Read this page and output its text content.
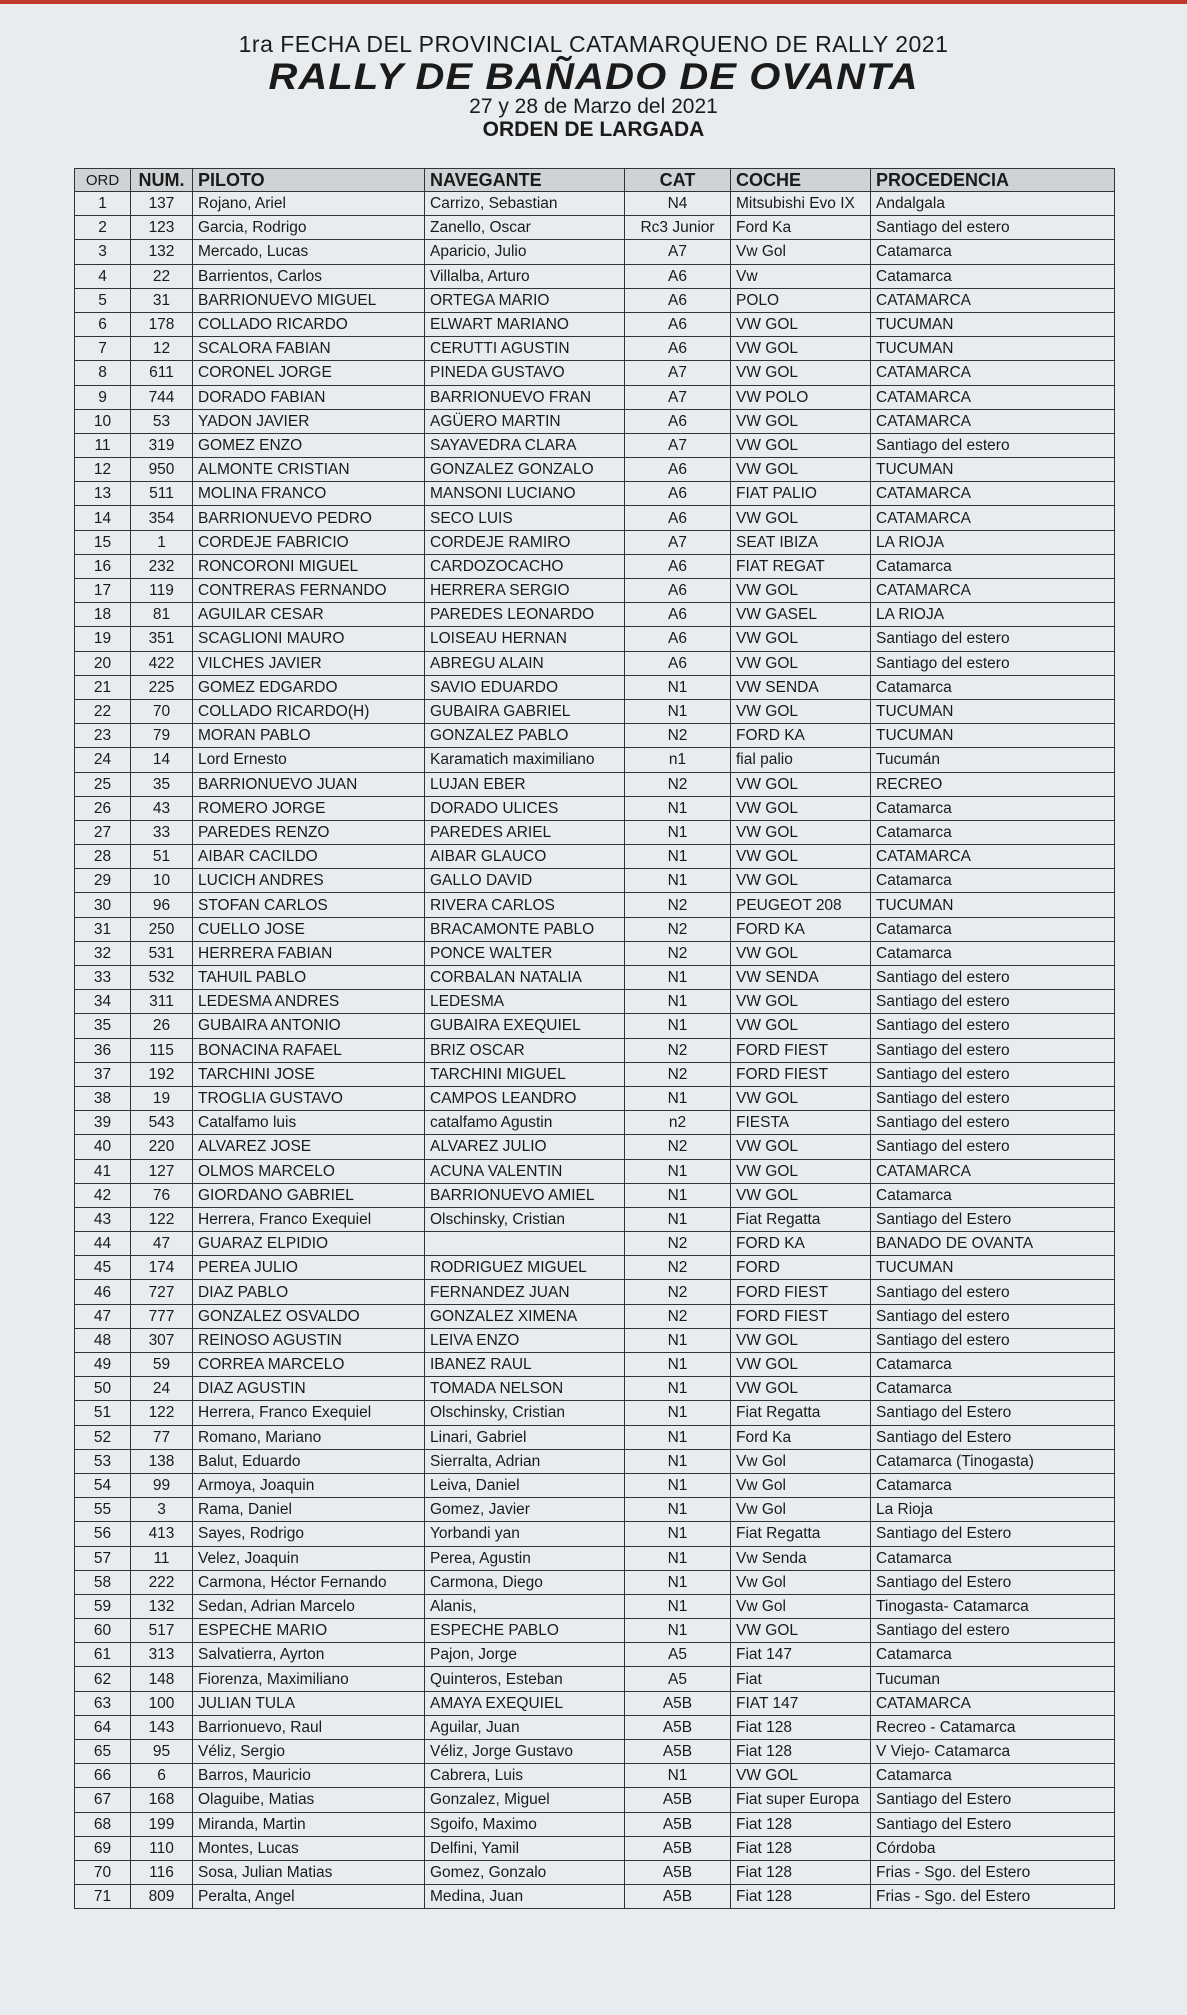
1ra FECHA DEL PROVINCIAL CATAMARQUENO DE RALLY 2021
RALLY DE BAÑADO DE OVANTA
27 y 28 de Marzo del 2021
ORDEN DE LARGADA
ORD	NUM.	PILOTO	NAVEGANTE	CAT	COCHE	PROCEDENCIA
1	137	Rojano, Ariel	Carrizo, Sebastian	N4	Mitsubishi Evo IX	Andalgala
2	123	Garcia, Rodrigo	Zanello, Oscar	Rc3 Junior	Ford Ka	Santiago del estero
3	132	Mercado, Lucas	Aparicio, Julio	A7	Vw Gol	Catamarca
4	22	Barrientos, Carlos	Villalba, Arturo	A6	Vw	Catamarca
5	31	BARRIONUEVO MIGUEL	ORTEGA MARIO	A6	POLO	CATAMARCA
6	178	COLLADO RICARDO	ELWART MARIANO	A6	VW GOL	TUCUMAN
7	12	SCALORA FABIAN	CERUTTI AGUSTIN	A6	VW GOL	TUCUMAN
8	611	CORONEL JORGE	PINEDA GUSTAVO	A7	VW GOL	CATAMARCA
9	744	DORADO FABIAN	BARRIONUEVO FRAN	A7	VW POLO	CATAMARCA
10	53	YADON JAVIER	AGÜERO MARTIN	A6	VW GOL	CATAMARCA
11	319	GOMEZ ENZO	SAYAVEDRA CLARA	A7	VW GOL	Santiago del estero
12	950	ALMONTE CRISTIAN	GONZALEZ GONZALO	A6	VW GOL	TUCUMAN
13	511	MOLINA FRANCO	MANSONI LUCIANO	A6	FIAT PALIO	CATAMARCA
14	354	BARRIONUEVO PEDRO	SECO LUIS	A6	VW GOL	CATAMARCA
15	1	CORDEJE FABRICIO	CORDEJE RAMIRO	A7	SEAT IBIZA	LA RIOJA
16	232	RONCORONI MIGUEL	CARDOZOCACHO	A6	FIAT REGAT	Catamarca
17	119	CONTRERAS FERNANDO	HERRERA SERGIO	A6	VW GOL	CATAMARCA
18	81	AGUILAR CESAR	PAREDES LEONARDO	A6	VW GASEL	LA RIOJA
19	351	SCAGLIONI MAURO	LOISEAU HERNAN	A6	VW GOL	Santiago del estero
20	422	VILCHES JAVIER	ABREGU ALAIN	A6	VW GOL	Santiago del estero
21	225	GOMEZ EDGARDO	SAVIO EDUARDO	N1	VW SENDA	Catamarca
22	70	COLLADO RICARDO(H)	GUBAIRA GABRIEL	N1	VW GOL	TUCUMAN
23	79	MORAN PABLO	GONZALEZ PABLO	N2	FORD KA	TUCUMAN
24	14	Lord Ernesto	Karamatich maximiliano	n1	fial palio	Tucumán
25	35	BARRIONUEVO JUAN	LUJAN EBER	N2	VW GOL	RECREO
26	43	ROMERO JORGE	DORADO ULICES	N1	VW GOL	Catamarca
27	33	PAREDES RENZO	PAREDES ARIEL	N1	VW GOL	Catamarca
28	51	AIBAR CACILDO	AIBAR GLAUCO	N1	VW GOL	CATAMARCA
29	10	LUCICH ANDRES	GALLO DAVID	N1	VW GOL	Catamarca
30	96	STOFAN CARLOS	RIVERA CARLOS	N2	PEUGEOT 208	TUCUMAN
31	250	CUELLO JOSE	BRACAMONTE PABLO	N2	FORD KA	Catamarca
32	531	HERRERA FABIAN	PONCE WALTER	N2	VW GOL	Catamarca
33	532	TAHUIL PABLO	CORBALAN NATALIA	N1	VW SENDA	Santiago del estero
34	311	LEDESMA ANDRES	LEDESMA	N1	VW GOL	Santiago del estero
35	26	GUBAIRA ANTONIO	GUBAIRA EXEQUIEL	N1	VW GOL	Santiago del estero
36	115	BONACINA RAFAEL	BRIZ OSCAR	N2	FORD FIEST	Santiago del estero
37	192	TARCHINI JOSE	TARCHINI MIGUEL	N2	FORD FIEST	Santiago del estero
38	19	TROGLIA GUSTAVO	CAMPOS LEANDRO	N1	VW GOL	Santiago del estero
39	543	Catalfamo luis	catalfamo Agustin	n2	FIESTA	Santiago del estero
40	220	ALVAREZ JOSE	ALVAREZ JULIO	N2	VW GOL	Santiago del estero
41	127	OLMOS MARCELO	ACUNA VALENTIN	N1	VW GOL	CATAMARCA
42	76	GIORDANO GABRIEL	BARRIONUEVO AMIEL	N1	VW GOL	Catamarca
43	122	Herrera, Franco Exequiel	Olschinsky, Cristian	N1	Fiat Regatta	Santiago del Estero
44	47	GUARAZ ELPIDIO		N2	FORD KA	BANADO DE OVANTA
45	174	PEREA JULIO	RODRIGUEZ MIGUEL	N2	FORD	TUCUMAN
46	727	DIAZ PABLO	FERNANDEZ JUAN	N2	FORD FIEST	Santiago del estero
47	777	GONZALEZ OSVALDO	GONZALEZ XIMENA	N2	FORD FIEST	Santiago del estero
48	307	REINOSO AGUSTIN	LEIVA ENZO	N1	VW GOL	Santiago del estero
49	59	CORREA MARCELO	IBANEZ RAUL	N1	VW GOL	Catamarca
50	24	DIAZ AGUSTIN	TOMADA NELSON	N1	VW GOL	Catamarca
51	122	Herrera, Franco Exequiel	Olschinsky, Cristian	N1	Fiat Regatta	Santiago del Estero
52	77	Romano, Mariano	Linari, Gabriel	N1	Ford Ka	Santiago del Estero
53	138	Balut, Eduardo	Sierralta, Adrian	N1	Vw Gol	Catamarca (Tinogasta)
54	99	Armoya, Joaquin	Leiva, Daniel	N1	Vw Gol	Catamarca
55	3	Rama, Daniel	Gomez, Javier	N1	Vw Gol	La Rioja
56	413	Sayes, Rodrigo	Yorbandi yan	N1	Fiat Regatta	Santiago del Estero
57	11	Velez, Joaquin	Perea, Agustin	N1	Vw Senda	Catamarca
58	222	Carmona, Héctor Fernando	Carmona, Diego	N1	Vw Gol	Santiago del Estero
59	132	Sedan, Adrian Marcelo	Alanis,	N1	Vw Gol	Tinogasta- Catamarca
60	517	ESPECHE MARIO	ESPECHE PABLO	N1	VW GOL	Santiago del estero
61	313	Salvatierra, Ayrton	Pajon, Jorge	A5	Fiat 147	Catamarca
62	148	Fiorenza, Maximiliano	Quinteros, Esteban	A5	Fiat	Tucuman
63	100	JULIAN TULA	AMAYA EXEQUIEL	A5B	FIAT 147	CATAMARCA
64	143	Barrionuevo, Raul	Aguilar, Juan	A5B	Fiat 128	Recreo - Catamarca
65	95	Véliz, Sergio	Véliz, Jorge Gustavo	A5B	Fiat 128	V Viejo- Catamarca
66	6	Barros, Mauricio	Cabrera, Luis	N1	VW GOL	Catamarca
67	168	Olaguibe, Matias	Gonzalez, Miguel	A5B	Fiat super Europa	Santiago del Estero
68	199	Miranda, Martin	Sgoifo, Maximo	A5B	Fiat 128	Santiago del Estero
69	110	Montes, Lucas	Delfini, Yamil	A5B	Fiat 128	Córdoba
70	116	Sosa, Julian Matias	Gomez, Gonzalo	A5B	Fiat 128	Frias - Sgo. del Estero
71	809	Peralta, Angel	Medina, Juan	A5B	Fiat 128	Frias - Sgo. del Estero
